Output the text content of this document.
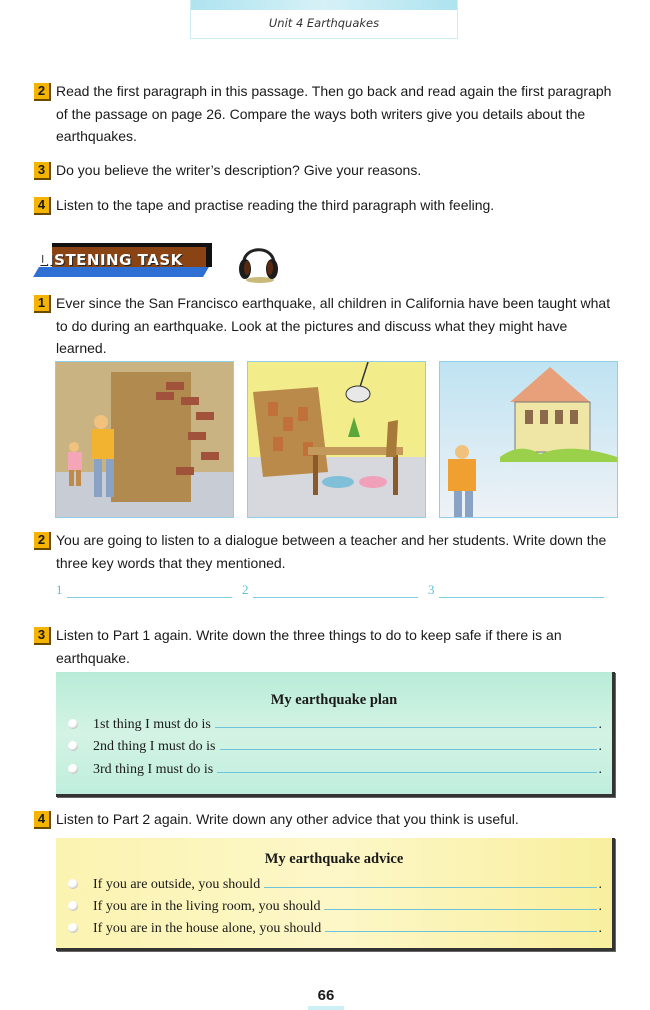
Unit 4 Earthquakes
2 Read the first paragraph in this passage. Then go back and read again the first paragraph of the passage on page 26. Compare the ways both writers give you details about the earthquakes.
3 Do you believe the writer’s description? Give your reasons.
4 Listen to the tape and practise reading the third paragraph with feeling.
LISTENING TASK
1 Ever since the San Francisco earthquake, all children in California have been taught what to do during an earthquake. Look at the pictures and discuss what they might have learned.
2 You are going to listen to a dialogue between a teacher and her students. Write down the three key words that they mentioned.
1	2	3
3 Listen to Part 1 again. Write down the three things to do to keep safe if there is an earthquake.
My earthquake plan
1st thing I must do is	.
2nd thing I must do is	.
3rd thing I must do is	.
4 Listen to Part 2 again. Write down any other advice that you think is useful.
My earthquake advice
If you are outside, you should	.
If you are in the living room, you should	.
If you are in the house alone, you should	.
66
